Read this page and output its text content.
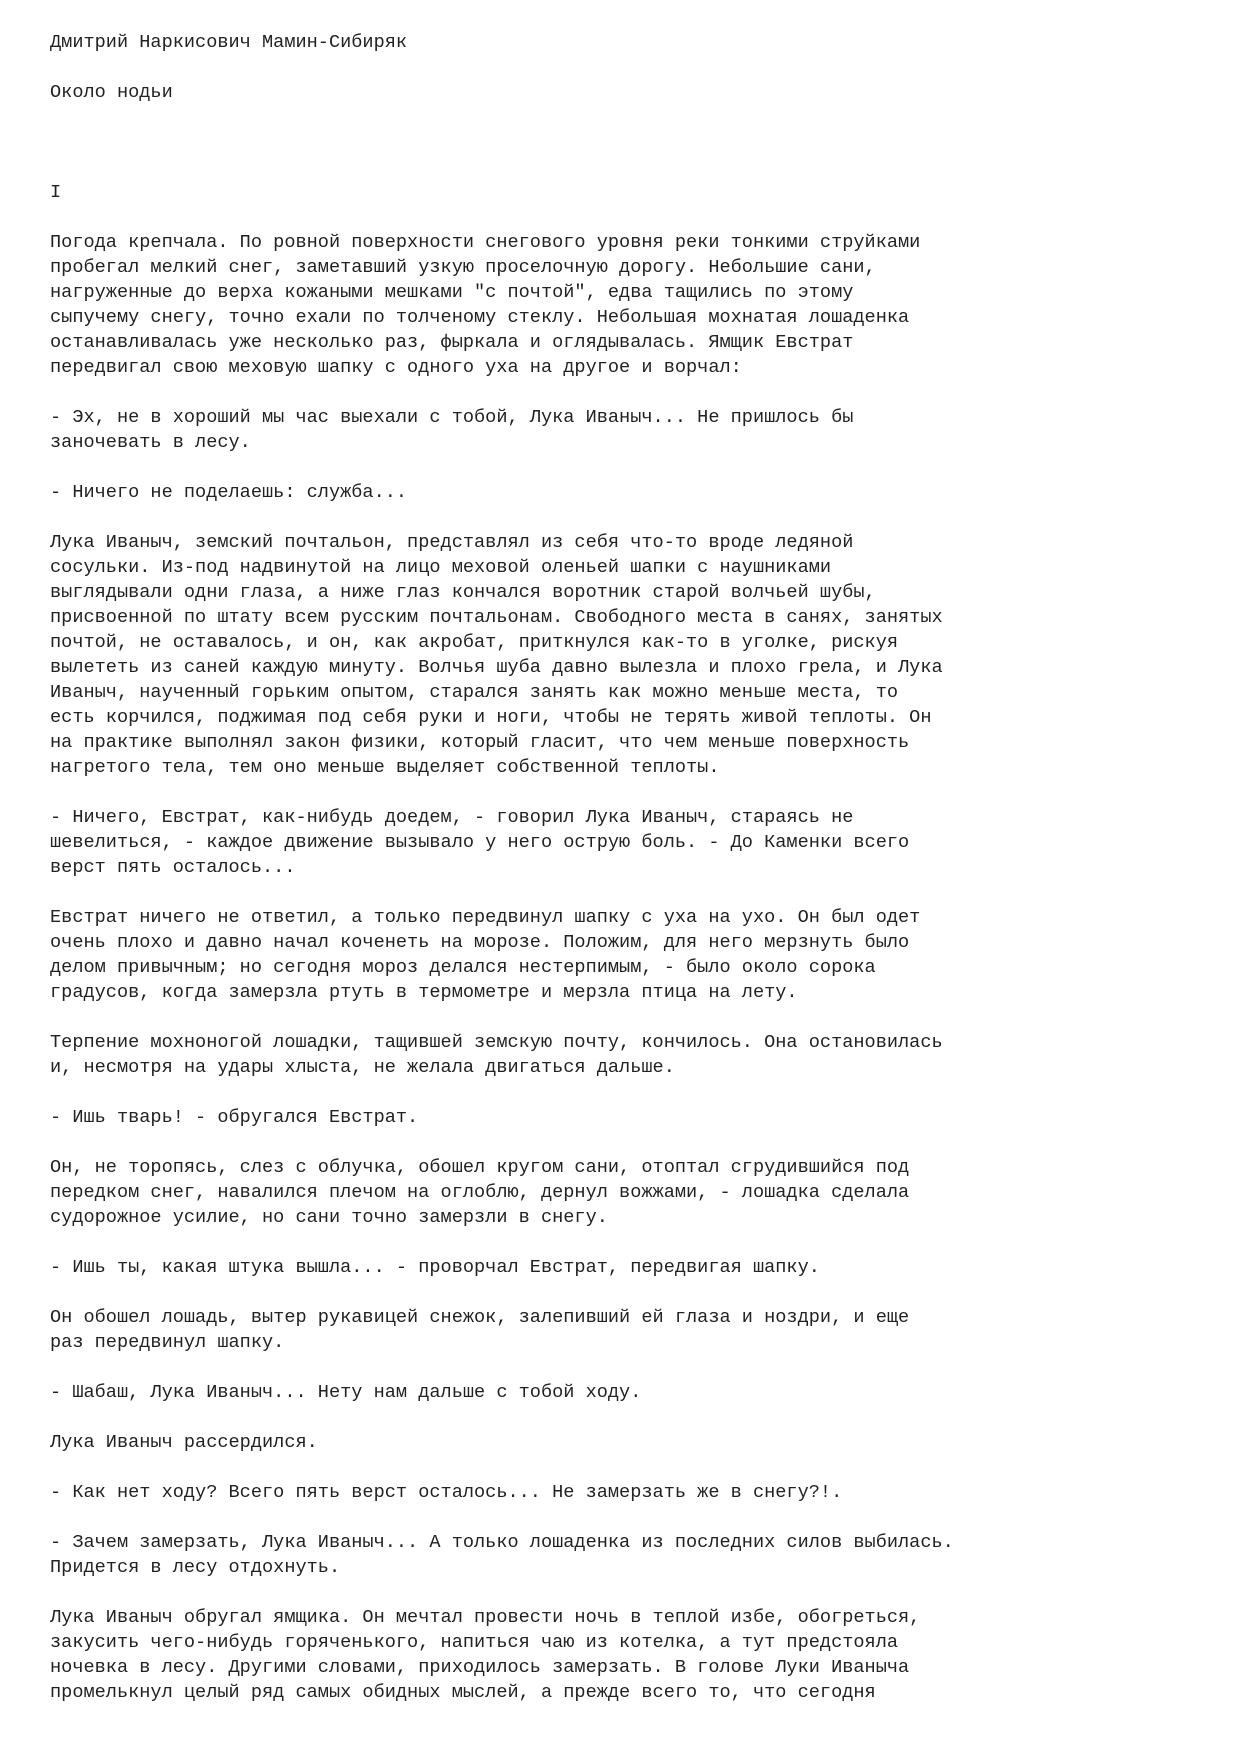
Дмитрий Наркисович Мамин-Сибиряк
Около нодьи
I

Погода крепчала. По ровной поверхности снегового уровня реки тонкими струйками
пробегал мелкий снег, заметавший узкую проселочную дорогу. Небольшие сани,
нагруженные до верха кожаными мешками "с почтой", едва тащились по этому
сыпучему снегу, точно ехали по толченому стеклу. Небольшая мохнатая лошаденка
останавливалась уже несколько раз, фыркала и оглядывалась. Ямщик Евстрат
передвигал свою меховую шапку с одного уха на другое и ворчал:

- Эх, не в хороший мы час выехали с тобой, Лука Иваныч... Не пришлось бы
заночевать в лесу.

- Ничего не поделаешь: служба...

Лука Иваныч, земский почтальон, представлял из себя что-то вроде ледяной
сосульки. Из-под надвинутой на лицо меховой оленьей шапки с наушниками
выглядывали одни глаза, а ниже глаз кончался воротник старой волчьей шубы,
присвоенной по штату всем русским почтальонам. Свободного места в санях, занятых
почтой, не оставалось, и он, как акробат, приткнулся как-то в уголке, рискуя
вылететь из саней каждую минуту. Волчья шуба давно вылезла и плохо грела, и Лука
Иваныч, наученный горьким опытом, старался занять как можно меньше места, то
есть корчился, поджимая под себя руки и ноги, чтобы не терять живой теплоты. Он
на практике выполнял закон физики, который гласит, что чем меньше поверхность
нагретого тела, тем оно меньше выделяет собственной теплоты.

- Ничего, Евстрат, как-нибудь доедем, - говорил Лука Иваныч, стараясь не
шевелиться, - каждое движение вызывало у него острую боль. - До Каменки всего
верст пять осталось...

Евстрат ничего не ответил, а только передвинул шапку с уха на ухо. Он был одет
очень плохо и давно начал коченеть на морозе. Положим, для него мерзнуть было
делом привычным; но сегодня мороз делался нестерпимым, - было около сорока
градусов, когда замерзла ртуть в термометре и мерзла птица на лету.

Терпение мохноногой лошадки, тащившей земскую почту, кончилось. Она остановилась
и, несмотря на удары хлыста, не желала двигаться дальше.

- Ишь тварь! - обругался Евстрат.

Он, не торопясь, слез с облучка, обошел кругом сани, отоптал сгрудившийся под
передком снег, навалился плечом на оглоблю, дернул вожжами, - лошадка сделала
судорожное усилие, но сани точно замерзли в снегу.

- Ишь ты, какая штука вышла... - проворчал Евстрат, передвигая шапку.

Он обошел лошадь, вытер рукавицей снежок, залепивший ей глаза и ноздри, и еще
раз передвинул шапку.

- Шабаш, Лука Иваныч... Нету нам дальше с тобой ходу.

Лука Иваныч рассердился.

- Как нет ходу? Всего пять верст осталось... Не замерзать же в снегу?!.

- Зачем замерзать, Лука Иваныч... А только лошаденка из последних силов выбилась.
Придется в лесу отдохнуть.

Лука Иваныч обругал ямщика. Он мечтал провести ночь в теплой избе, обогреться,
закусить чего-нибудь горяченького, напиться чаю из котелка, а тут предстояла
ночевка в лесу. Другими словами, приходилось замерзать. В голове Луки Иваныча
промелькнул целый ряд самых обидных мыслей, а прежде всего то, что сегодня
